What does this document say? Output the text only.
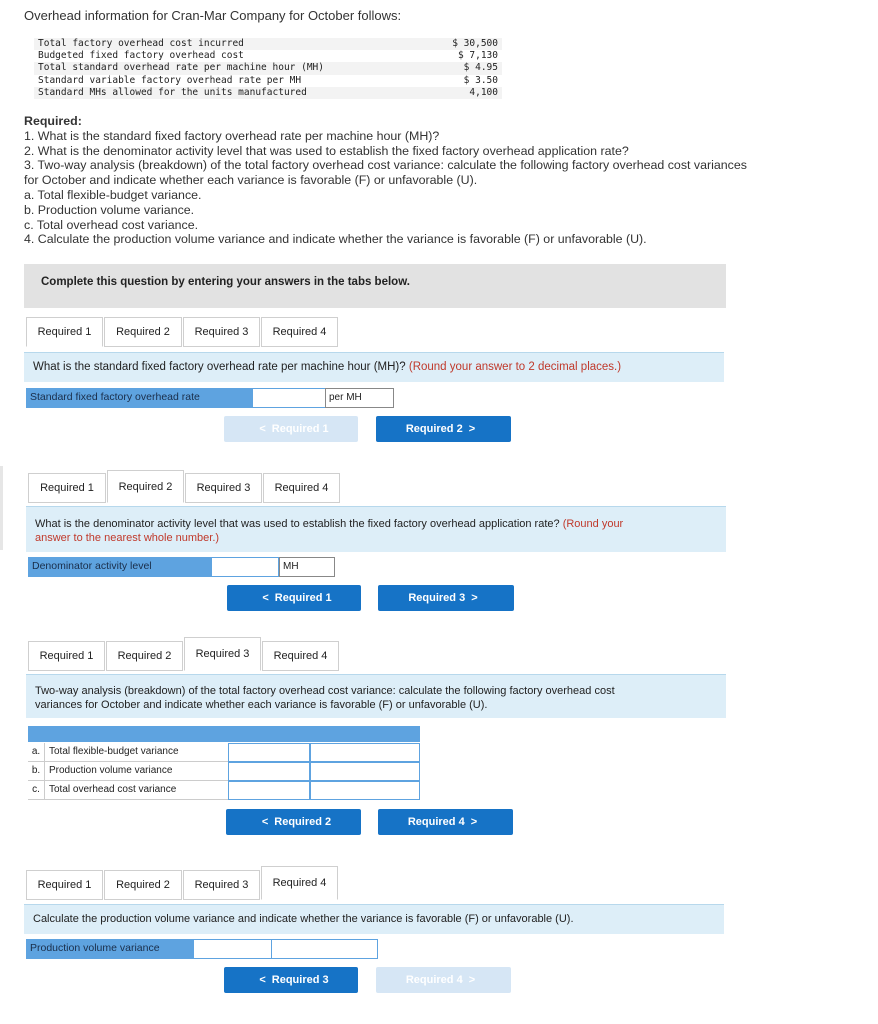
Overhead information for Cran-Mar Company for October follows:
Total factory overhead cost incurred	$ 30,500
Budgeted fixed factory overhead cost	$ 7,130
Total standard overhead rate per machine hour (MH)	$ 4.95
Standard variable factory overhead rate per MH	$ 3.50
Standard MHs allowed for the units manufactured	4,100
Required:
1. What is the standard fixed factory overhead rate per machine hour (MH)?
2. What is the denominator activity level that was used to establish the fixed factory overhead application rate?
3. Two-way analysis (breakdown) of the total factory overhead cost variance: calculate the following factory overhead cost variances
for October and indicate whether each variance is favorable (F) or unfavorable (U).
a. Total flexible-budget variance.
b. Production volume variance.
c. Total overhead cost variance.
4. Calculate the production volume variance and indicate whether the variance is favorable (F) or unfavorable (U).
Complete this question by entering your answers in the tabs below.
Required 1	Required 2	Required 3	Required 4
What is the standard fixed factory overhead rate per machine hour (MH)? (Round your answer to 2 decimal places.)
Standard fixed factory overhead rate	per MH
< Required 1	Required 2 >
Required 1	Required 2	Required 3	Required 4
What is the denominator activity level that was used to establish the fixed factory overhead application rate? (Round your
answer to the nearest whole number.)
Denominator activity level	MH
< Required 1	Required 3 >
Required 1	Required 2	Required 3	Required 4
Two-way analysis (breakdown) of the total factory overhead cost variance: calculate the following factory overhead cost
variances for October and indicate whether each variance is favorable (F) or unfavorable (U).
a. Total flexible-budget variance
b. Production volume variance
c. Total overhead cost variance
< Required 2	Required 4 >
Required 1	Required 2	Required 3	Required 4
Calculate the production volume variance and indicate whether the variance is favorable (F) or unfavorable (U).
Production volume variance
< Required 3	Required 4 >
